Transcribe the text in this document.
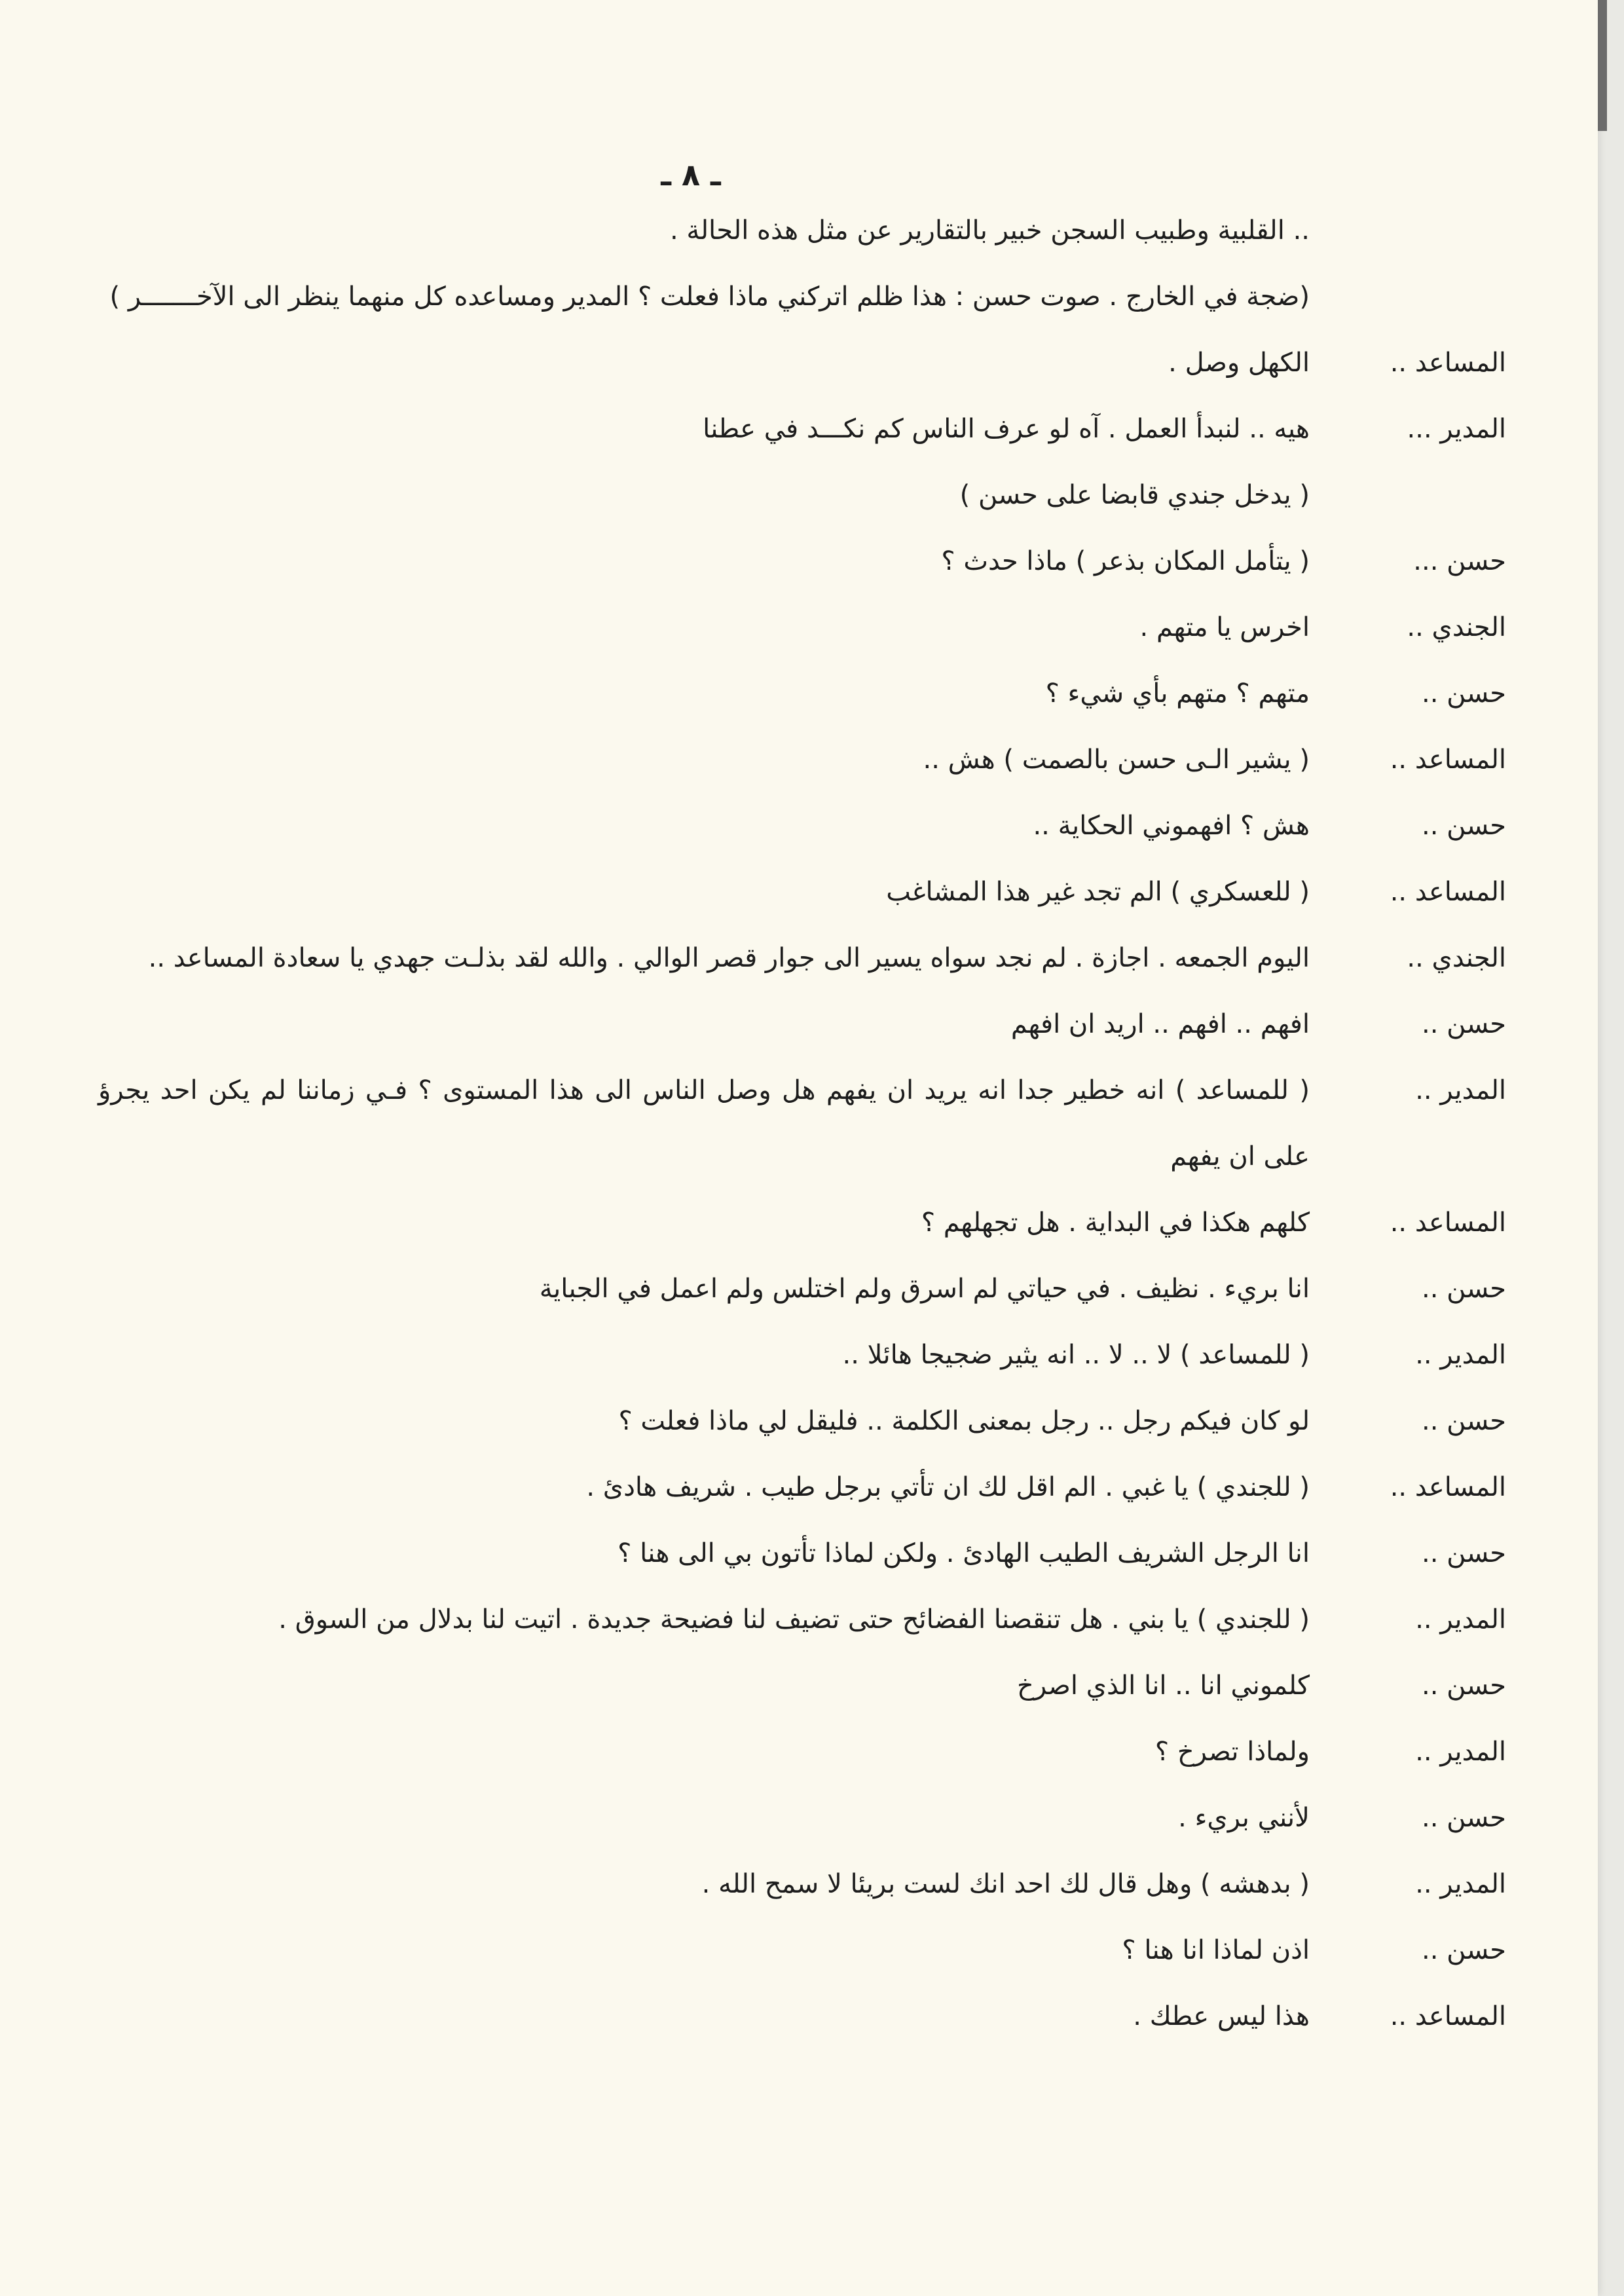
ـ ٨ ـ
.. القلبية وطبيب السجن خبير بالتقارير عن مثل هذه الحالة .
(ضجة في الخارج . صوت حسن : هذا ظلم اتركني ماذا فعلت ؟ المدير ومساعده كل منهما ينظر الى الآخـــــــر )
المساعد ..
الكهل وصل .
المدير ...
هيه .. لنبدأ العمل . آه لو عرف الناس كم نكـــد في عطنا
( يدخل جندي قابضا على حسن )
حسن ...
( يتأمل المكان بذعر ) ماذا حدث ؟
الجندي ..
اخرس يا متهم .
حسن ..
متهم ؟ متهم بأي شيء ؟
المساعد ..
( يشير الـى حسن بالصمت ) هش ..
حسن ..
هش ؟ افهموني الحكاية ..
المساعد ..
( للعسكري ) الم تجد غير هذا المشاغب
الجندي ..
اليوم الجمعه . اجازة . لم نجد سواه يسير الى جوار قصر الوالي . والله لقد بذلـت جهدي يا سعادة المساعد ..
حسن ..
افهم .. افهم .. اريد ان افهم
المدير ..
( للمساعد ) انه خطير جدا انه يريد ان يفهم هل وصل الناس الى هذا المستوى ؟ فـي زماننا لم يكن احد يجرؤ على ان يفهم
المساعد ..
كلهم هكذا في البداية . هل تجهلهم ؟
حسن ..
انا بريء . نظيف . في حياتي لم اسرق ولم اختلس ولم اعمل في الجباية
المدير ..
( للمساعد ) لا .. لا .. انه يثير ضجيجا هائلا ..
حسن ..
لو كان فيكم رجل .. رجل بمعنى الكلمة .. فليقل لي ماذا فعلت ؟
المساعد ..
( للجندي ) يا غبي . الم اقل لك ان تأتي برجل طيب . شريف هادئ .
حسن ..
انا الرجل الشريف الطيب الهادئ . ولكن لماذا تأتون بي الى هنا ؟
المدير ..
( للجندي ) يا بني . هل تنقصنا الفضائح حتى تضيف لنا فضيحة جديدة . اتيت لنا بدلال من السوق .
حسن ..
كلموني انا .. انا الذي اصرخ
المدير ..
ولماذا تصرخ ؟
حسن ..
لأنني بريء .
المدير ..
( بدهشه ) وهل قال لك احد انك لست بريئا لا سمح الله .
حسن ..
اذن لماذا انا هنا ؟
المساعد ..
هذا ليس عطك .
